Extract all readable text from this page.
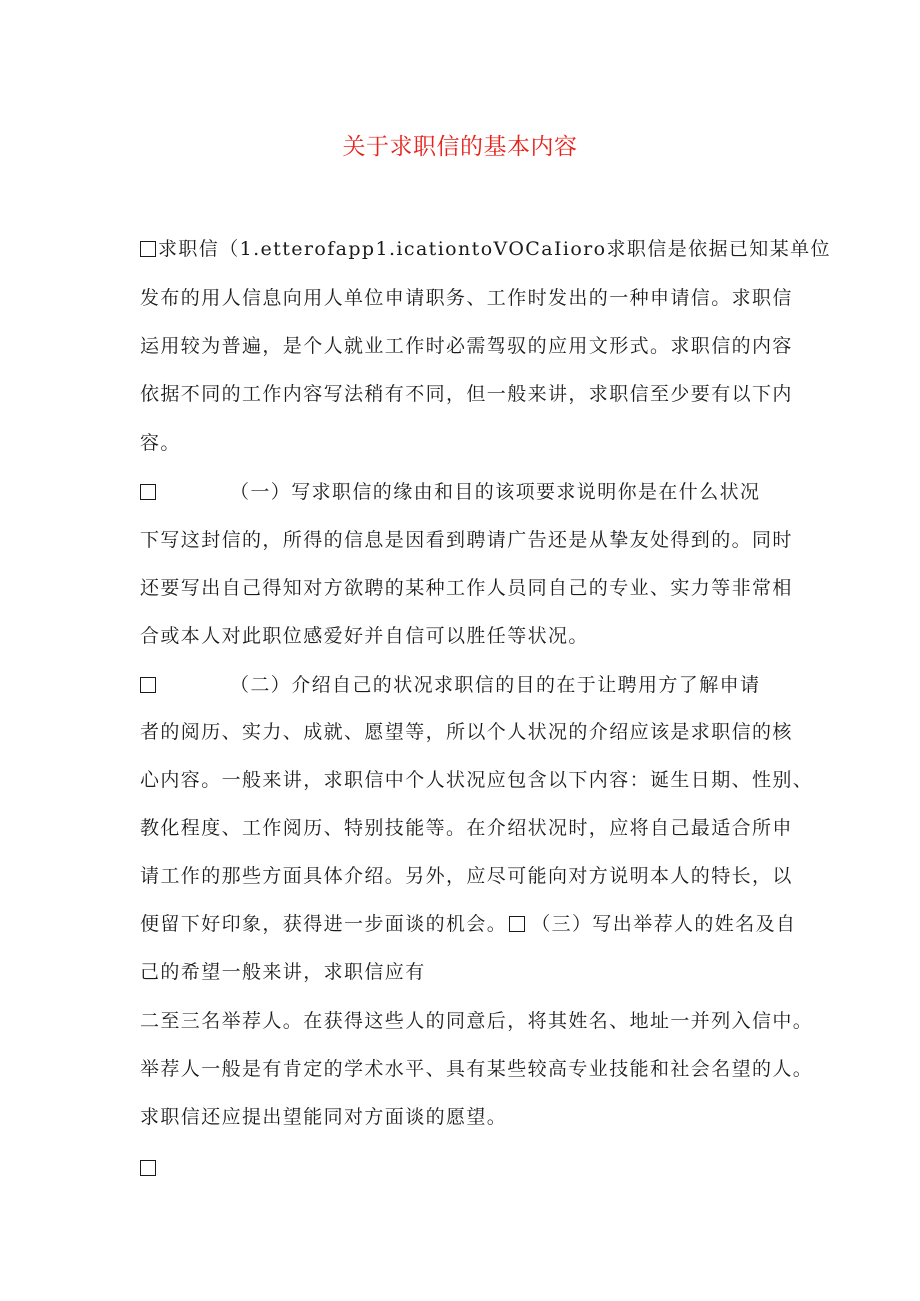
关于求职信的基本内容

求职信（1.etterofapp1.icationtoVOCaIioro求职信是依据已知某单位

发布的用人信息向用人单位申请职务、工作时发出的一种申请信。求职信

运用较为普遍，是个人就业工作时必需驾驭的应用文形式。求职信的内容

依据不同的工作内容写法稍有不同，但一般来讲，求职信至少要有以下内

容。

（一）写求职信的缘由和目的该项要求说明你是在什么状况

下写这封信的，所得的信息是因看到聘请广告还是从挚友处得到的。同时

还要写出自己得知对方欲聘的某种工作人员同自己的专业、实力等非常相

合或本人对此职位感爱好并自信可以胜任等状况。

（二）介绍自己的状况求职信的目的在于让聘用方了解申请

者的阅历、实力、成就、愿望等，所以个人状况的介绍应该是求职信的核

心内容。一般来讲，求职信中个人状况应包含以下内容：诞生日期、性别、

教化程度、工作阅历、特别技能等。在介绍状况时，应将自己最适合所申

请工作的那些方面具体介绍。另外，应尽可能向对方说明本人的特长，以

便留下好印象，获得进一步面谈的机会。 （三）写出举荐人的姓名及自

己的希望一般来讲，求职信应有

二至三名举荐人。在获得这些人的同意后，将其姓名、地址一并列入信中。

举荐人一般是有肯定的学术水平、具有某些较高专业技能和社会名望的人。

求职信还应提出望能同对方面谈的愿望。
